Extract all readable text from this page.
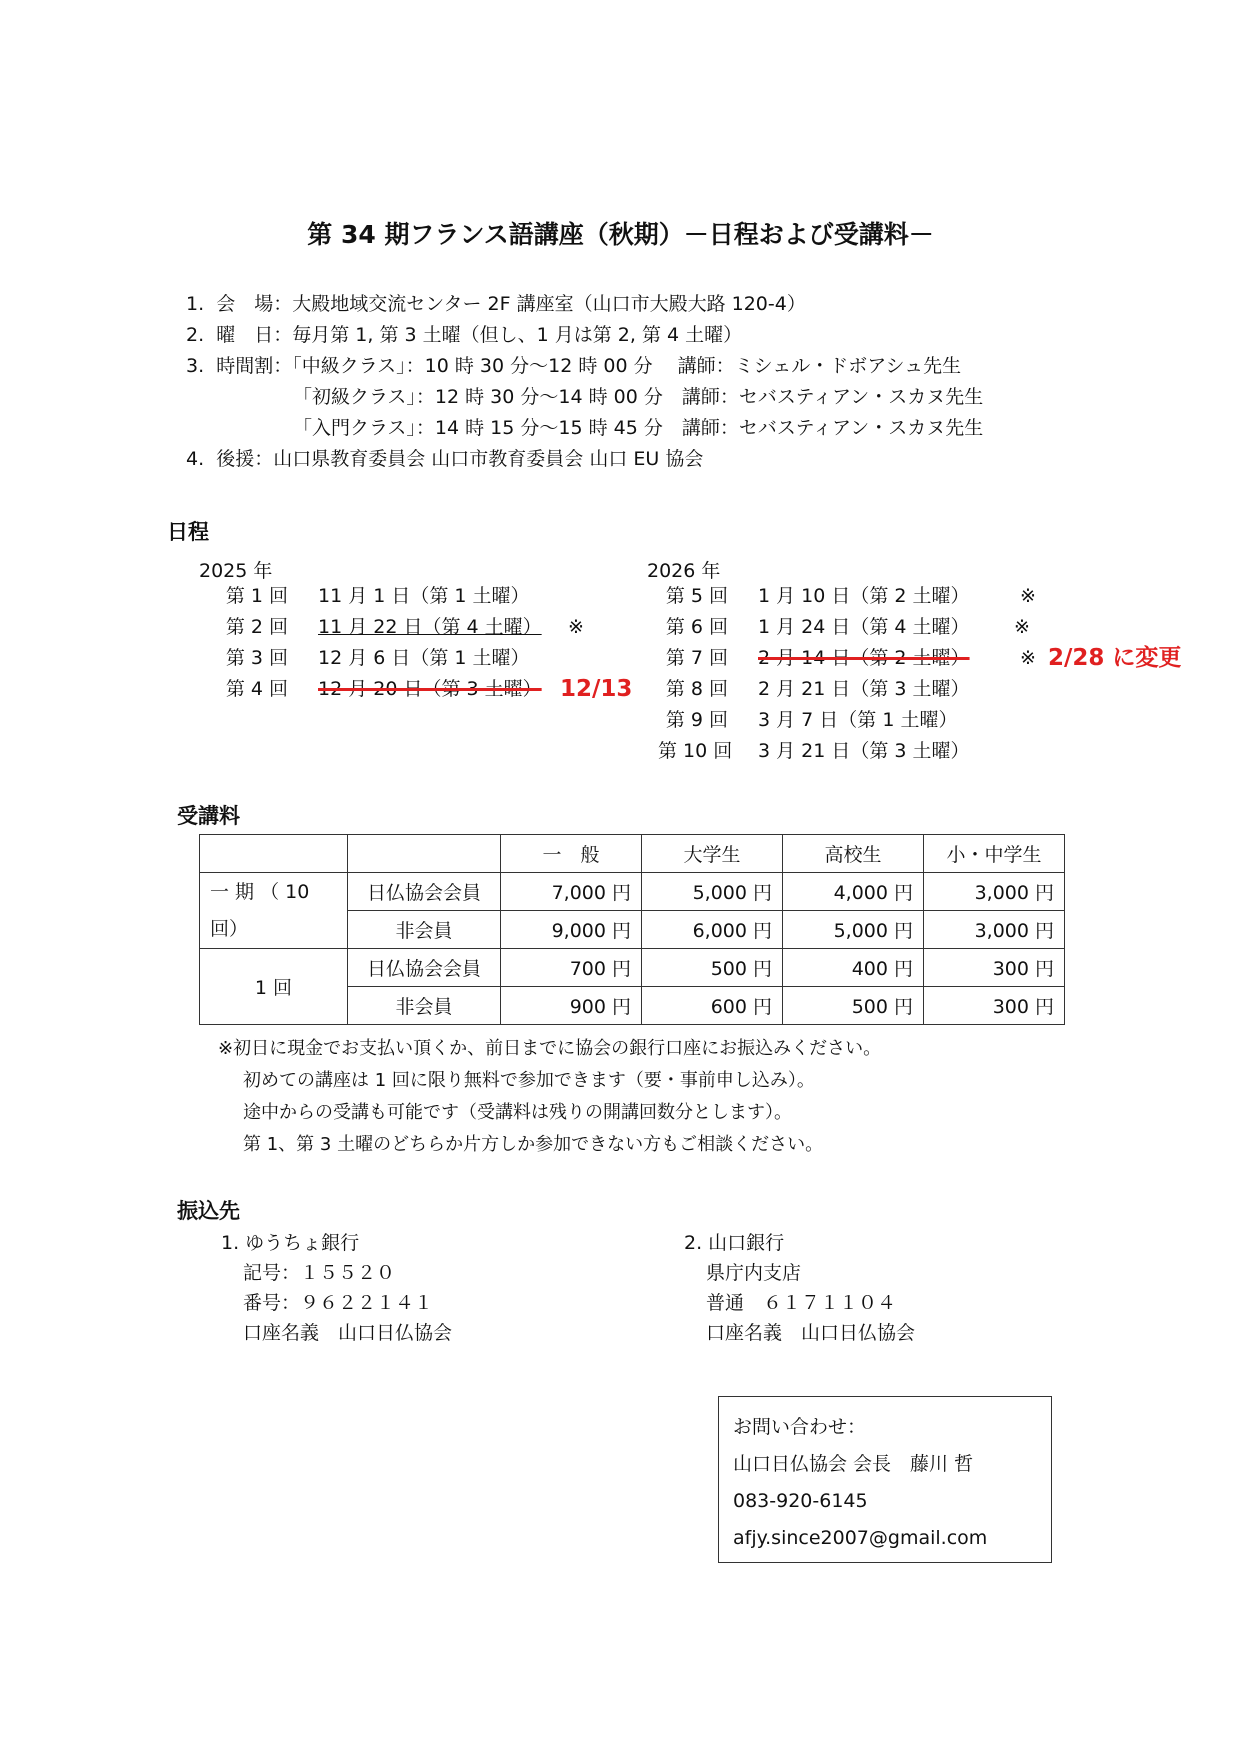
第 34 期フランス語講座（秋期）－日程および受講料－
1. 会　場：大殿地域交流センター 2F 講座室（山口市大殿大路 120-4）
2. 曜　日：毎月第 1, 第 3 土曜（但し、1 月は第 2, 第 4 土曜）
3. 時間割：「中級クラス」：10 時 30 分～12 時 00 分　 講師：ミシェル・ドボアシュ先生
「初級クラス」：12 時 30 分～14 時 00 分　講師：セバスティアン・スカヌ先生
「入門クラス」：14 時 15 分～15 時 45 分　講師：セバスティアン・スカヌ先生
4. 後援：山口県教育委員会 山口市教育委員会 山口 EU 協会
日程
2025 年	2026 年
第 1 回 11 月 1 日（第 1 土曜）
第 2 回 11 月 22 日（第 4 土曜） ※
第 3 回 12 月 6 日（第 1 土曜）
第 4 回 12 月 20 日（第 3 土曜） 12/13
第 5 回 1 月 10 日（第 2 土曜）	※
第 6 回 1 月 24 日（第 4 土曜） ※
第 7 回 2 月 14 日（第 2 土曜）	※ 2/28 に変更
第 8 回 2 月 21 日（第 3 土曜）
第 9 回 3 月 7 日（第 1 土曜）
第 10 回 3 月 21 日（第 3 土曜）
受講料
		一　般	大学生	高校生	小・中学生
一 期 （ 10 回）	日仏協会会員	7,000 円	5,000 円	4,000 円	3,000 円
	非会員	9,000 円	6,000 円	5,000 円	3,000 円
1 回	日仏協会会員	700 円	500 円	400 円	300 円
	非会員	900 円	600 円	500 円	300 円
※初日に現金でお支払い頂くか、前日までに協会の銀行口座にお振込みください。
初めての講座は 1 回に限り無料で参加できます（要・事前申し込み）。
途中からの受講も可能です（受講料は残りの開講回数分とします）。
第 1、第 3 土曜のどちらか片方しか参加できない方もご相談ください。
振込先
1. ゆうちょ銀行
記号：１５５２０
番号：９６２２１４１
口座名義　山口日仏協会
2. 山口銀行
県庁内支店
普通　６１７１１０４
口座名義　山口日仏協会
お問い合わせ：
山口日仏協会 会長　藤川 哲
083-920-6145
afjy.since2007@gmail.com
